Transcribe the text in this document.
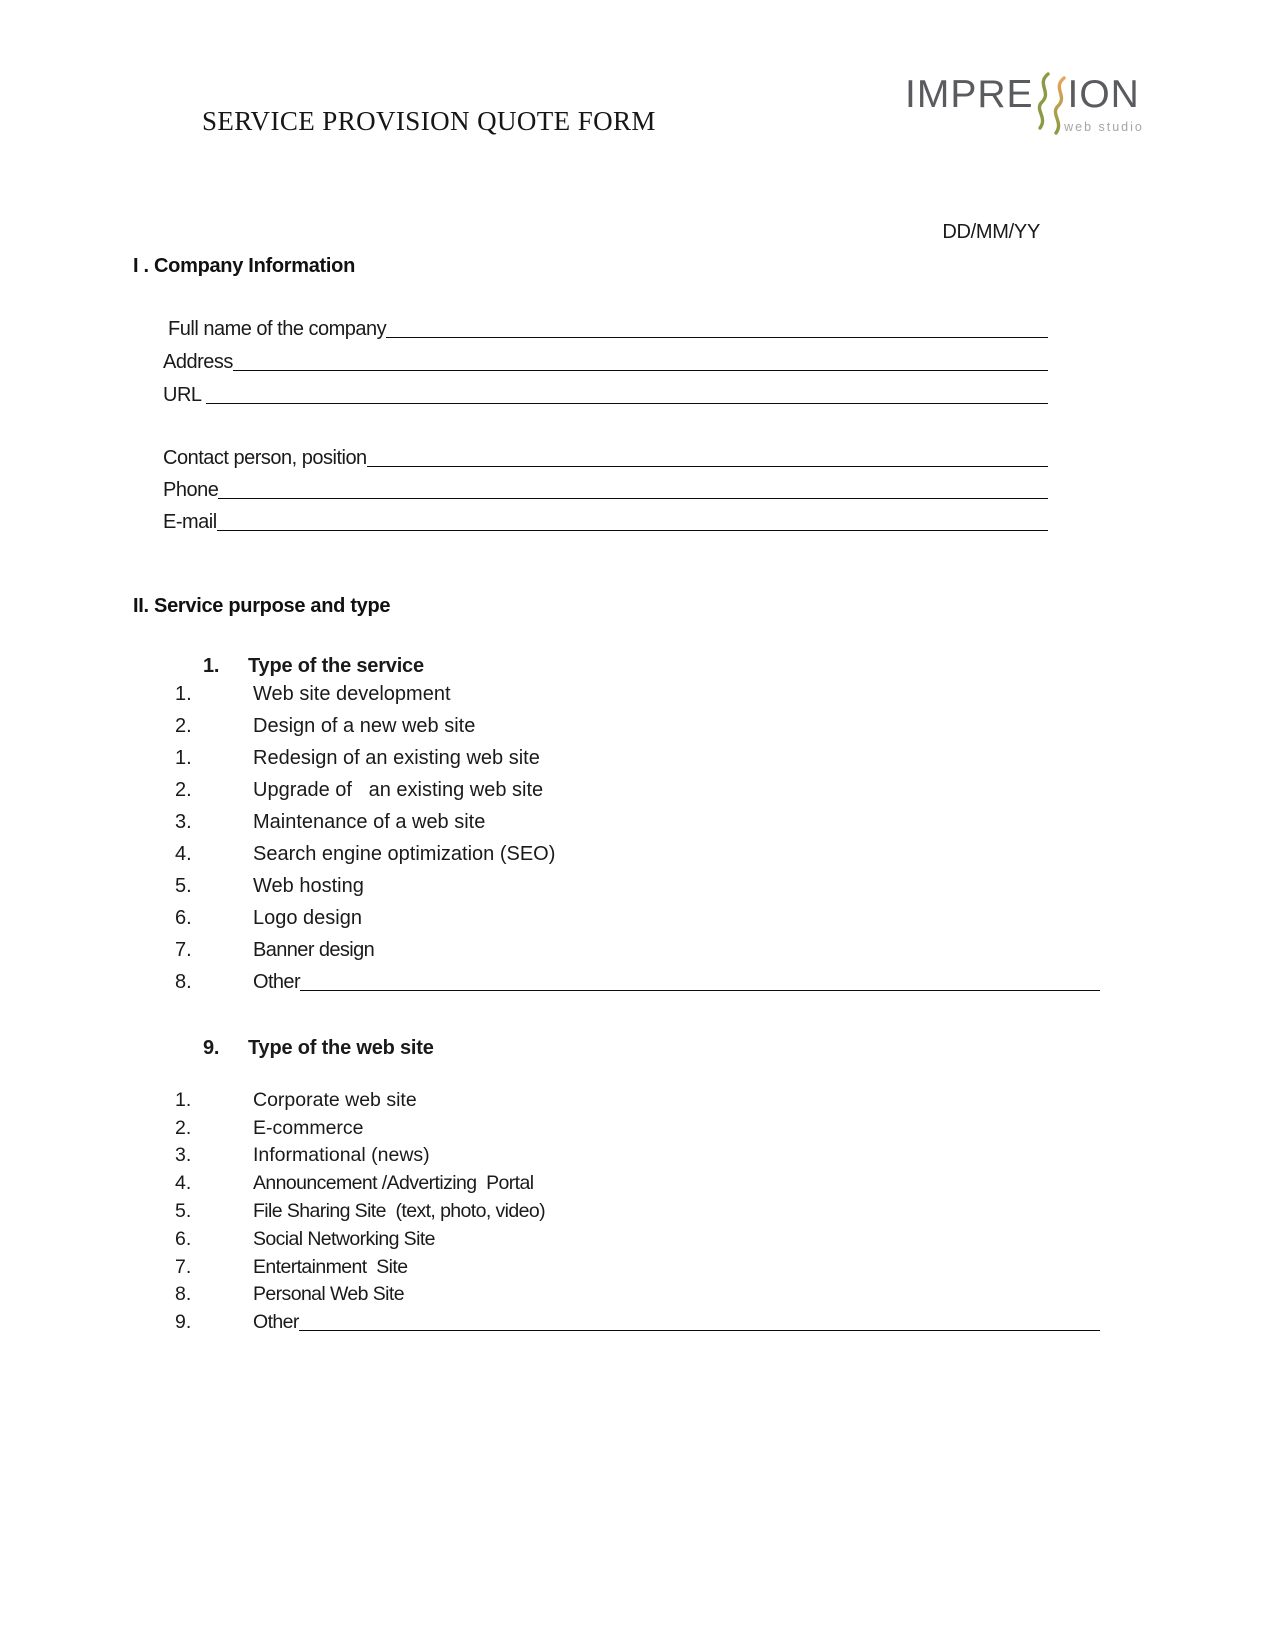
SERVICE PROVISION QUOTE FORM
IMPRE ION
web studio
DD/MM/YY
I . Company Information
Full name of the company
Address
URL
Contact person, position
Phone
E-mail
II. Service purpose and type
1.	Type of the service
1.	Web site development
2.	Design of a new web site
1.	Redesign of an existing web site
2.	Upgrade of   an existing web site
3.	Maintenance of a web site
4.	Search engine optimization (SEO)
5.	Web hosting
6.	Logo design
7.	Banner design
8.	Other
9.	Type of the web site
1.	Corporate web site
2.	E-commerce
3.	Informational (news)
4.	Announcement /Advertizing  Portal
5.	File Sharing Site  (text, photo, video)
6.	Social Networking Site
7.	Entertainment  Site
8.	Personal Web Site
9.	Other
